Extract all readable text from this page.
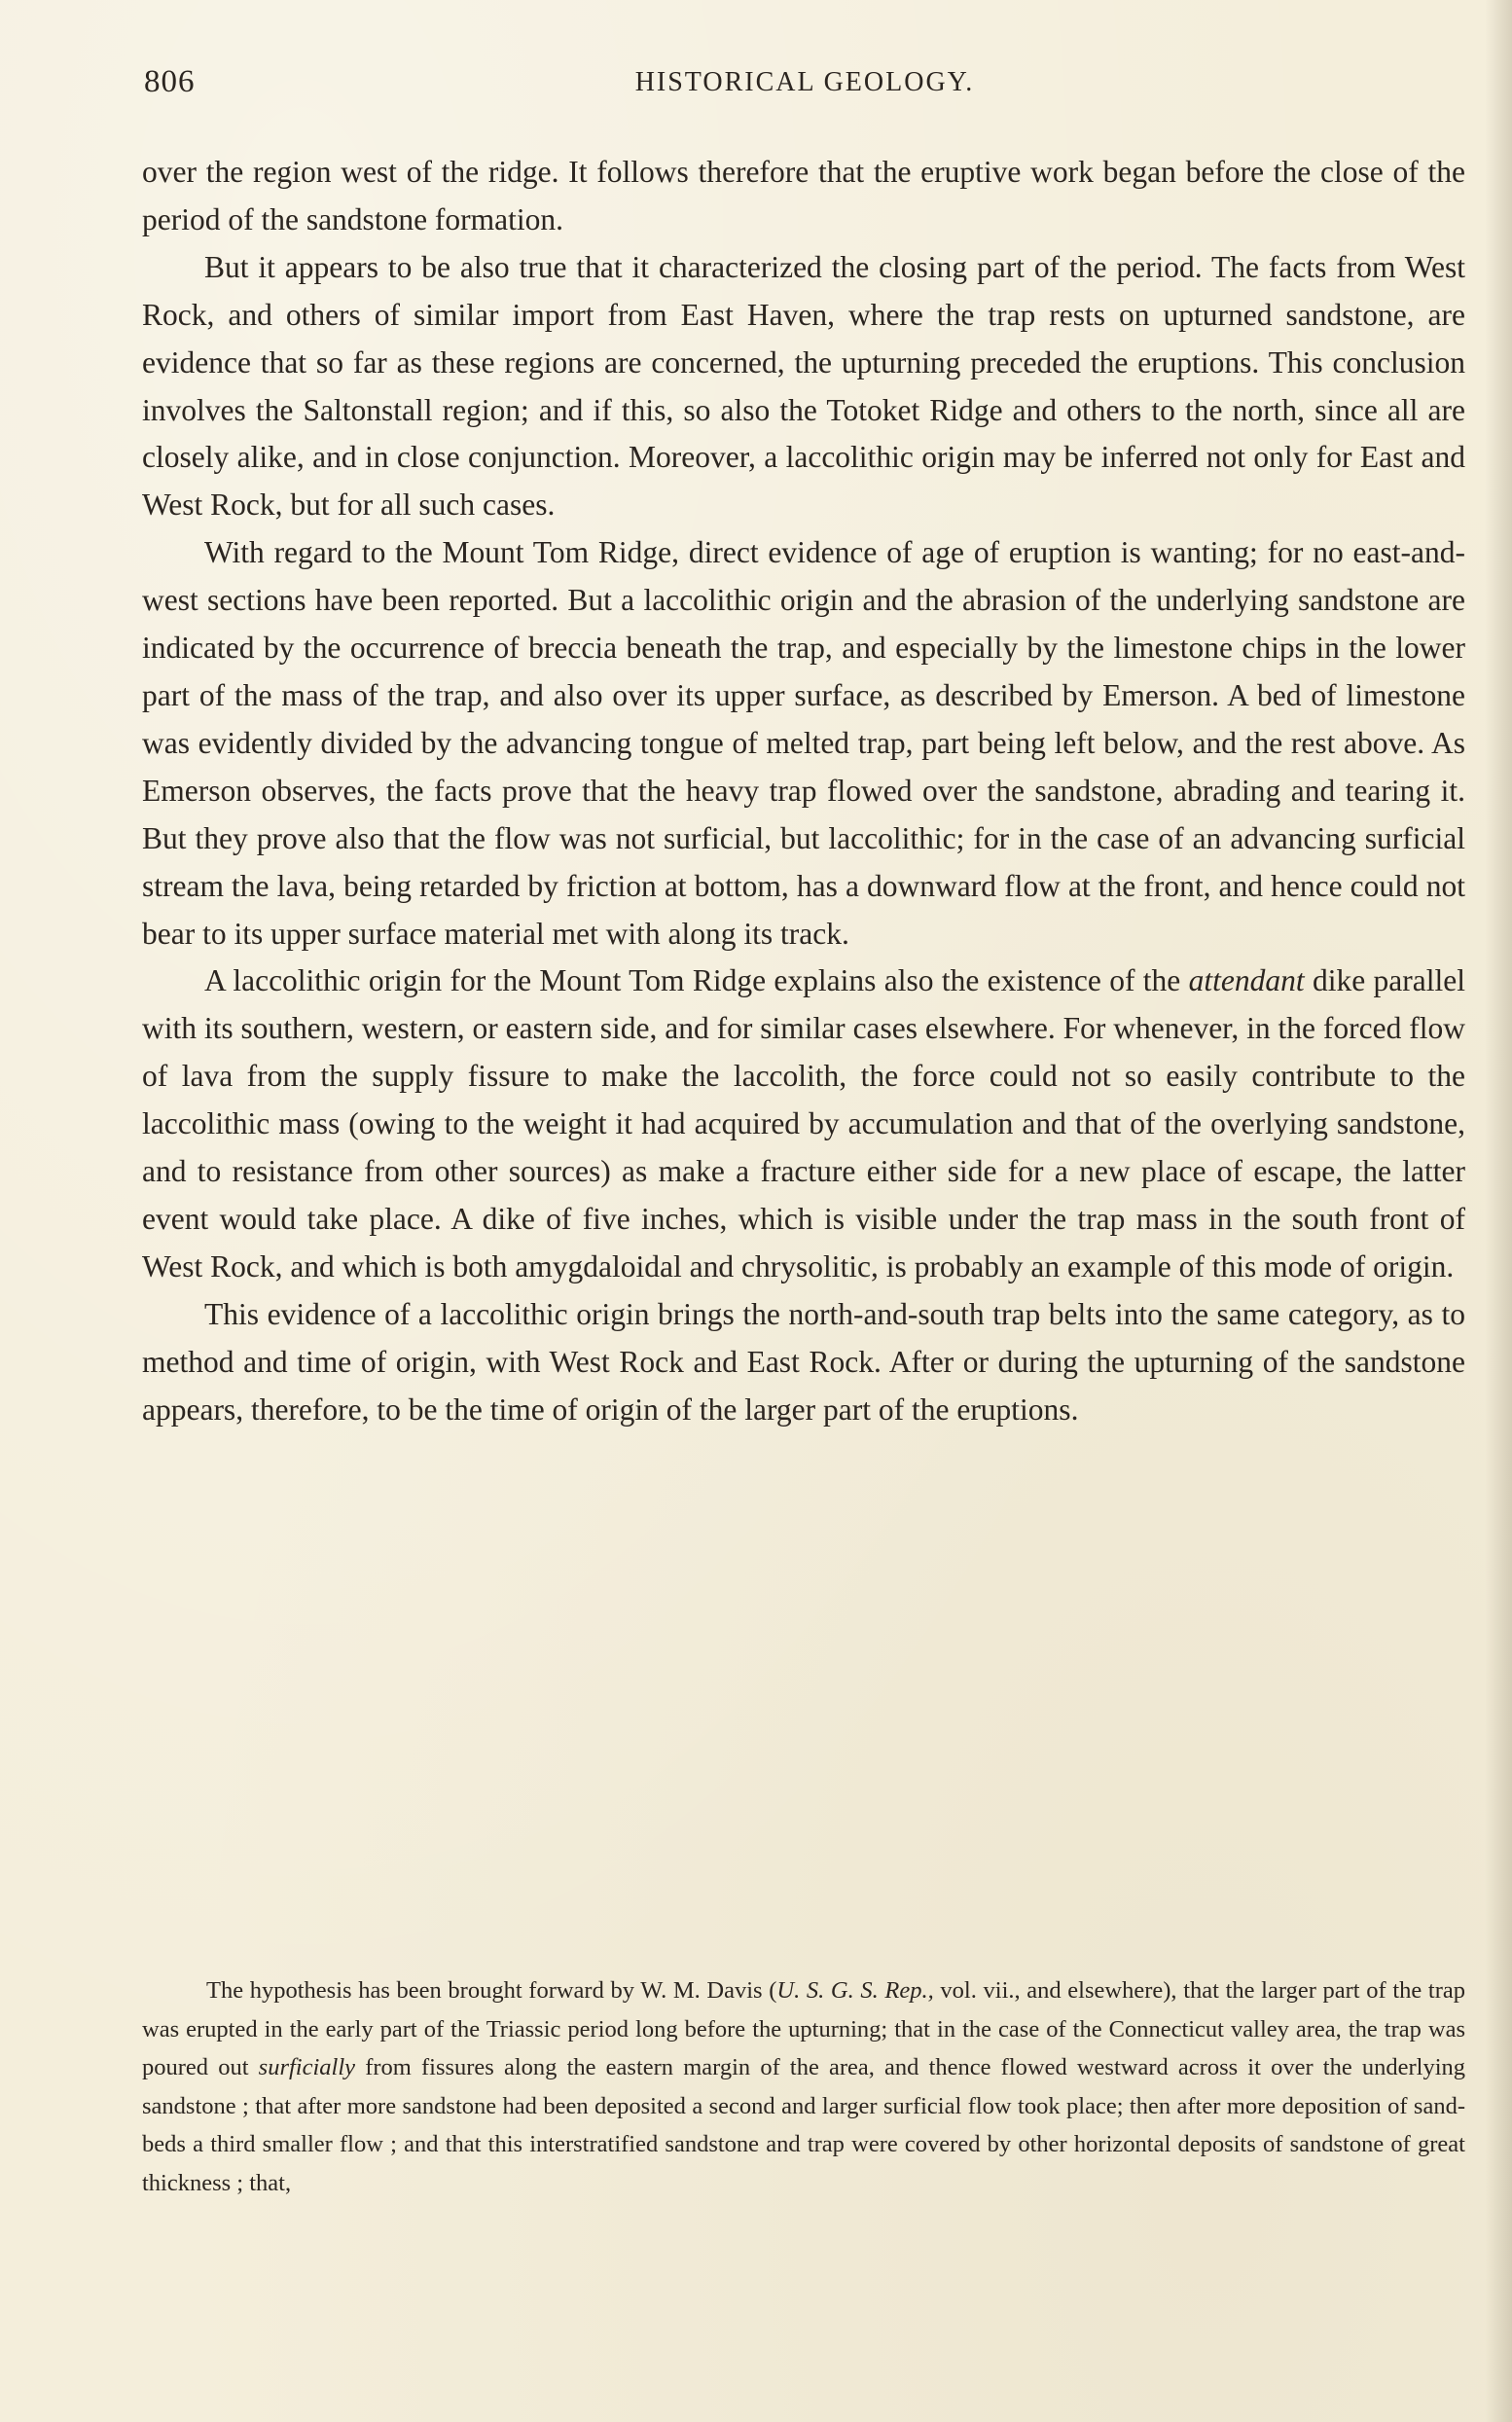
806	HISTORICAL GEOLOGY.

over the region west of the ridge. It follows therefore that the eruptive work began before the close of the period of the sandstone formation.

But it appears to be also true that it characterized the closing part of the period. The facts from West Rock, and others of similar import from East Haven, where the trap rests on upturned sandstone, are evidence that so far as these regions are concerned, the upturning preceded the eruptions. This conclusion involves the Saltonstall region; and if this, so also the Totoket Ridge and others to the north, since all are closely alike, and in close conjunction. Moreover, a laccolithic origin may be inferred not only for East and West Rock, but for all such cases.

With regard to the Mount Tom Ridge, direct evidence of age of eruption is wanting; for no east-and-west sections have been reported. But a laccolithic origin and the abrasion of the underlying sandstone are indicated by the occurrence of breccia beneath the trap, and especially by the limestone chips in the lower part of the mass of the trap, and also over its upper surface, as described by Emerson. A bed of limestone was evidently divided by the advancing tongue of melted trap, part being left below, and the rest above. As Emerson observes, the facts prove that the heavy trap flowed over the sandstone, abrading and tearing it. But they prove also that the flow was not surficial, but laccolithic; for in the case of an advancing surficial stream the lava, being retarded by friction at bottom, has a downward flow at the front, and hence could not bear to its upper surface material met with along its track.

A laccolithic origin for the Mount Tom Ridge explains also the existence of the attendant dike parallel with its southern, western, or eastern side, and for similar cases elsewhere. For whenever, in the forced flow of lava from the supply fissure to make the laccolith, the force could not so easily contribute to the laccolithic mass (owing to the weight it had acquired by accumulation and that of the overlying sandstone, and to resistance from other sources) as make a fracture either side for a new place of escape, the latter event would take place. A dike of five inches, which is visible under the trap mass in the south front of West Rock, and which is both amygdaloidal and chrysolitic, is probably an example of this mode of origin.

This evidence of a laccolithic origin brings the north-and-south trap belts into the same category, as to method and time of origin, with West Rock and East Rock. After or during the upturning of the sandstone appears, therefore, to be the time of origin of the larger part of the eruptions.

The hypothesis has been brought forward by W. M. Davis (U. S. G. S. Rep., vol. vii., and elsewhere), that the larger part of the trap was erupted in the early part of the Triassic period long before the upturning; that in the case of the Connecticut valley area, the trap was poured out surficially from fissures along the eastern margin of the area, and thence flowed westward across it over the underlying sandstone ; that after more sandstone had been deposited a second and larger surficial flow took place; then after more deposition of sand-beds a third smaller flow ; and that this interstratified sandstone and trap were covered by other horizontal deposits of sandstone of great thickness ; that,
